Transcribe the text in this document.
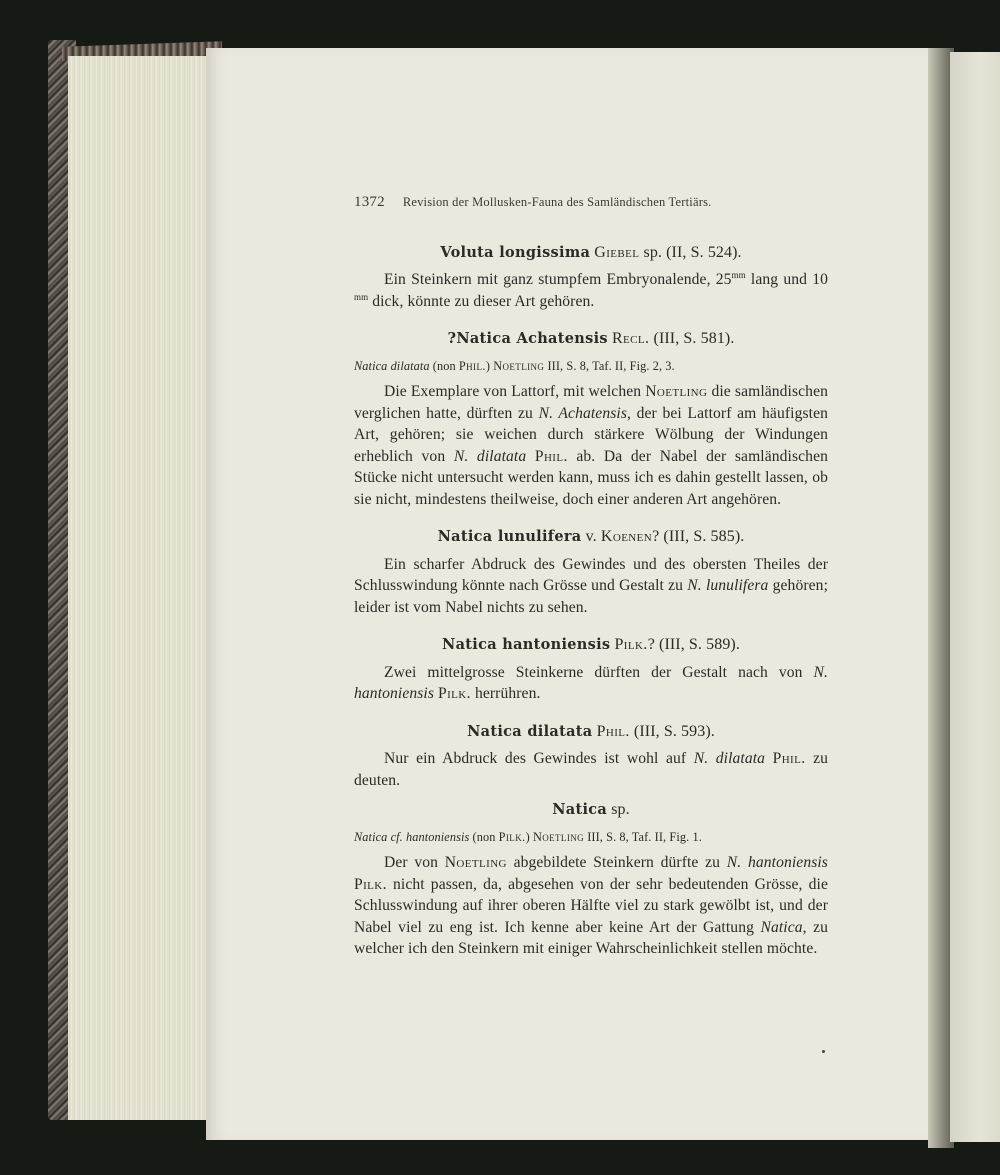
1372 Revision der Mollusken-Fauna des Samländischen Tertiärs.
Voluta longissima Giebel sp. (II, S. 524).

Ein Steinkern mit ganz stumpfem Embryonalende, $25^{mm}$ lang und 10 $^{mm}$ dick, könnte zu dieser Art gehören.

?Natica Achatensis Recl. (III, S. 581).
Natica dilatata (non Phil.) Noetling III, S. 8, Taf. II, Fig. 2, 3.

Die Exemplare von Lattorf, mit welchen Noetling die samländischen verglichen hatte, dürften zu N. Achatensis, der bei Lattorf am häufigsten Art, gehören; sie weichen durch stärkere Wölbung der Windungen erheblich von N. dilatata Phil. ab. Da der Nabel der samländischen Stücke nicht untersucht werden kann, muss ich es dahin gestellt lassen, ob sie nicht, mindestens theilweise, doch einer anderen Art angehören.

Natica lunulifera v. Koenen? (III, S. 585).

Ein scharfer Abdruck des Gewindes und des obersten Theiles der Schlusswindung könnte nach Grösse und Gestalt zu N. lunulifera gehören; leider ist vom Nabel nichts zu sehen.

Natica hantoniensis Pilk.? (III, S. 589).

Zwei mittelgrosse Steinkerne dürften der Gestalt nach von N. hantoniensis Pilk. herrühren.

Natica dilatata Phil. (III, S. 593).

Nur ein Abdruck des Gewindes ist wohl auf N. dilatata Phil. zu deuten.

Natica sp.
Natica cf. hantoniensis (non Pilk.) Noetling III, S. 8, Taf. II, Fig. 1.

Der von Noetling abgebildete Steinkern dürfte zu N. hantoniensis Pilk. nicht passen, da, abgesehen von der sehr bedeutenden Grösse, die Schlusswindung auf ihrer oberen Hälfte viel zu stark gewölbt ist, und der Nabel viel zu eng ist. Ich kenne aber keine Art der Gattung Natica, zu welcher ich den Steinkern mit einiger Wahrscheinlichkeit stellen möchte.
